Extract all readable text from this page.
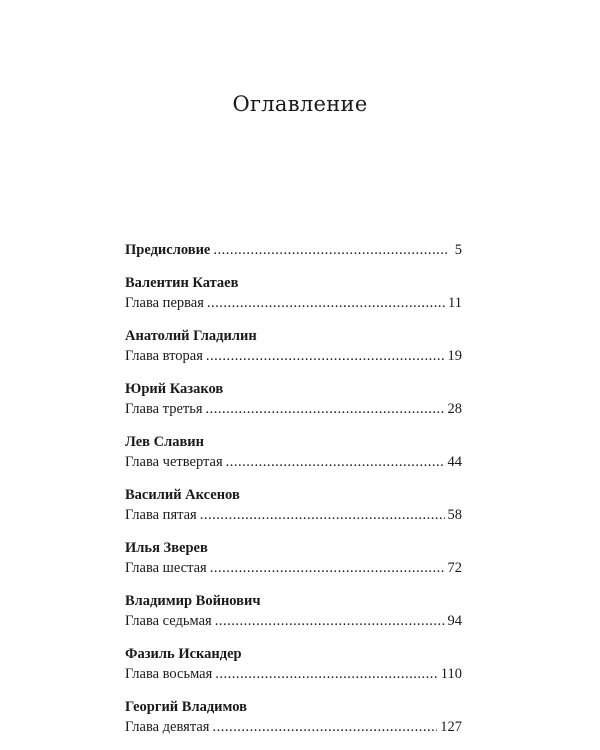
Оглавление
Предисловие .....	5
Валентин Катаев
Глава первая .....	11
Анатолий Гладилин
Глава вторая .....	19
Юрий Казаков
Глава третья .....	28
Лев Славин
Глава четвертая .....	44
Василий Аксенов
Глава пятая .....	58
Илья Зверев
Глава шестая .....	72
Владимир Войнович
Глава седьмая .....	94
Фазиль Искандер
Глава восьмая .....	110
Георгий Владимов
Глава девятая .....	127
